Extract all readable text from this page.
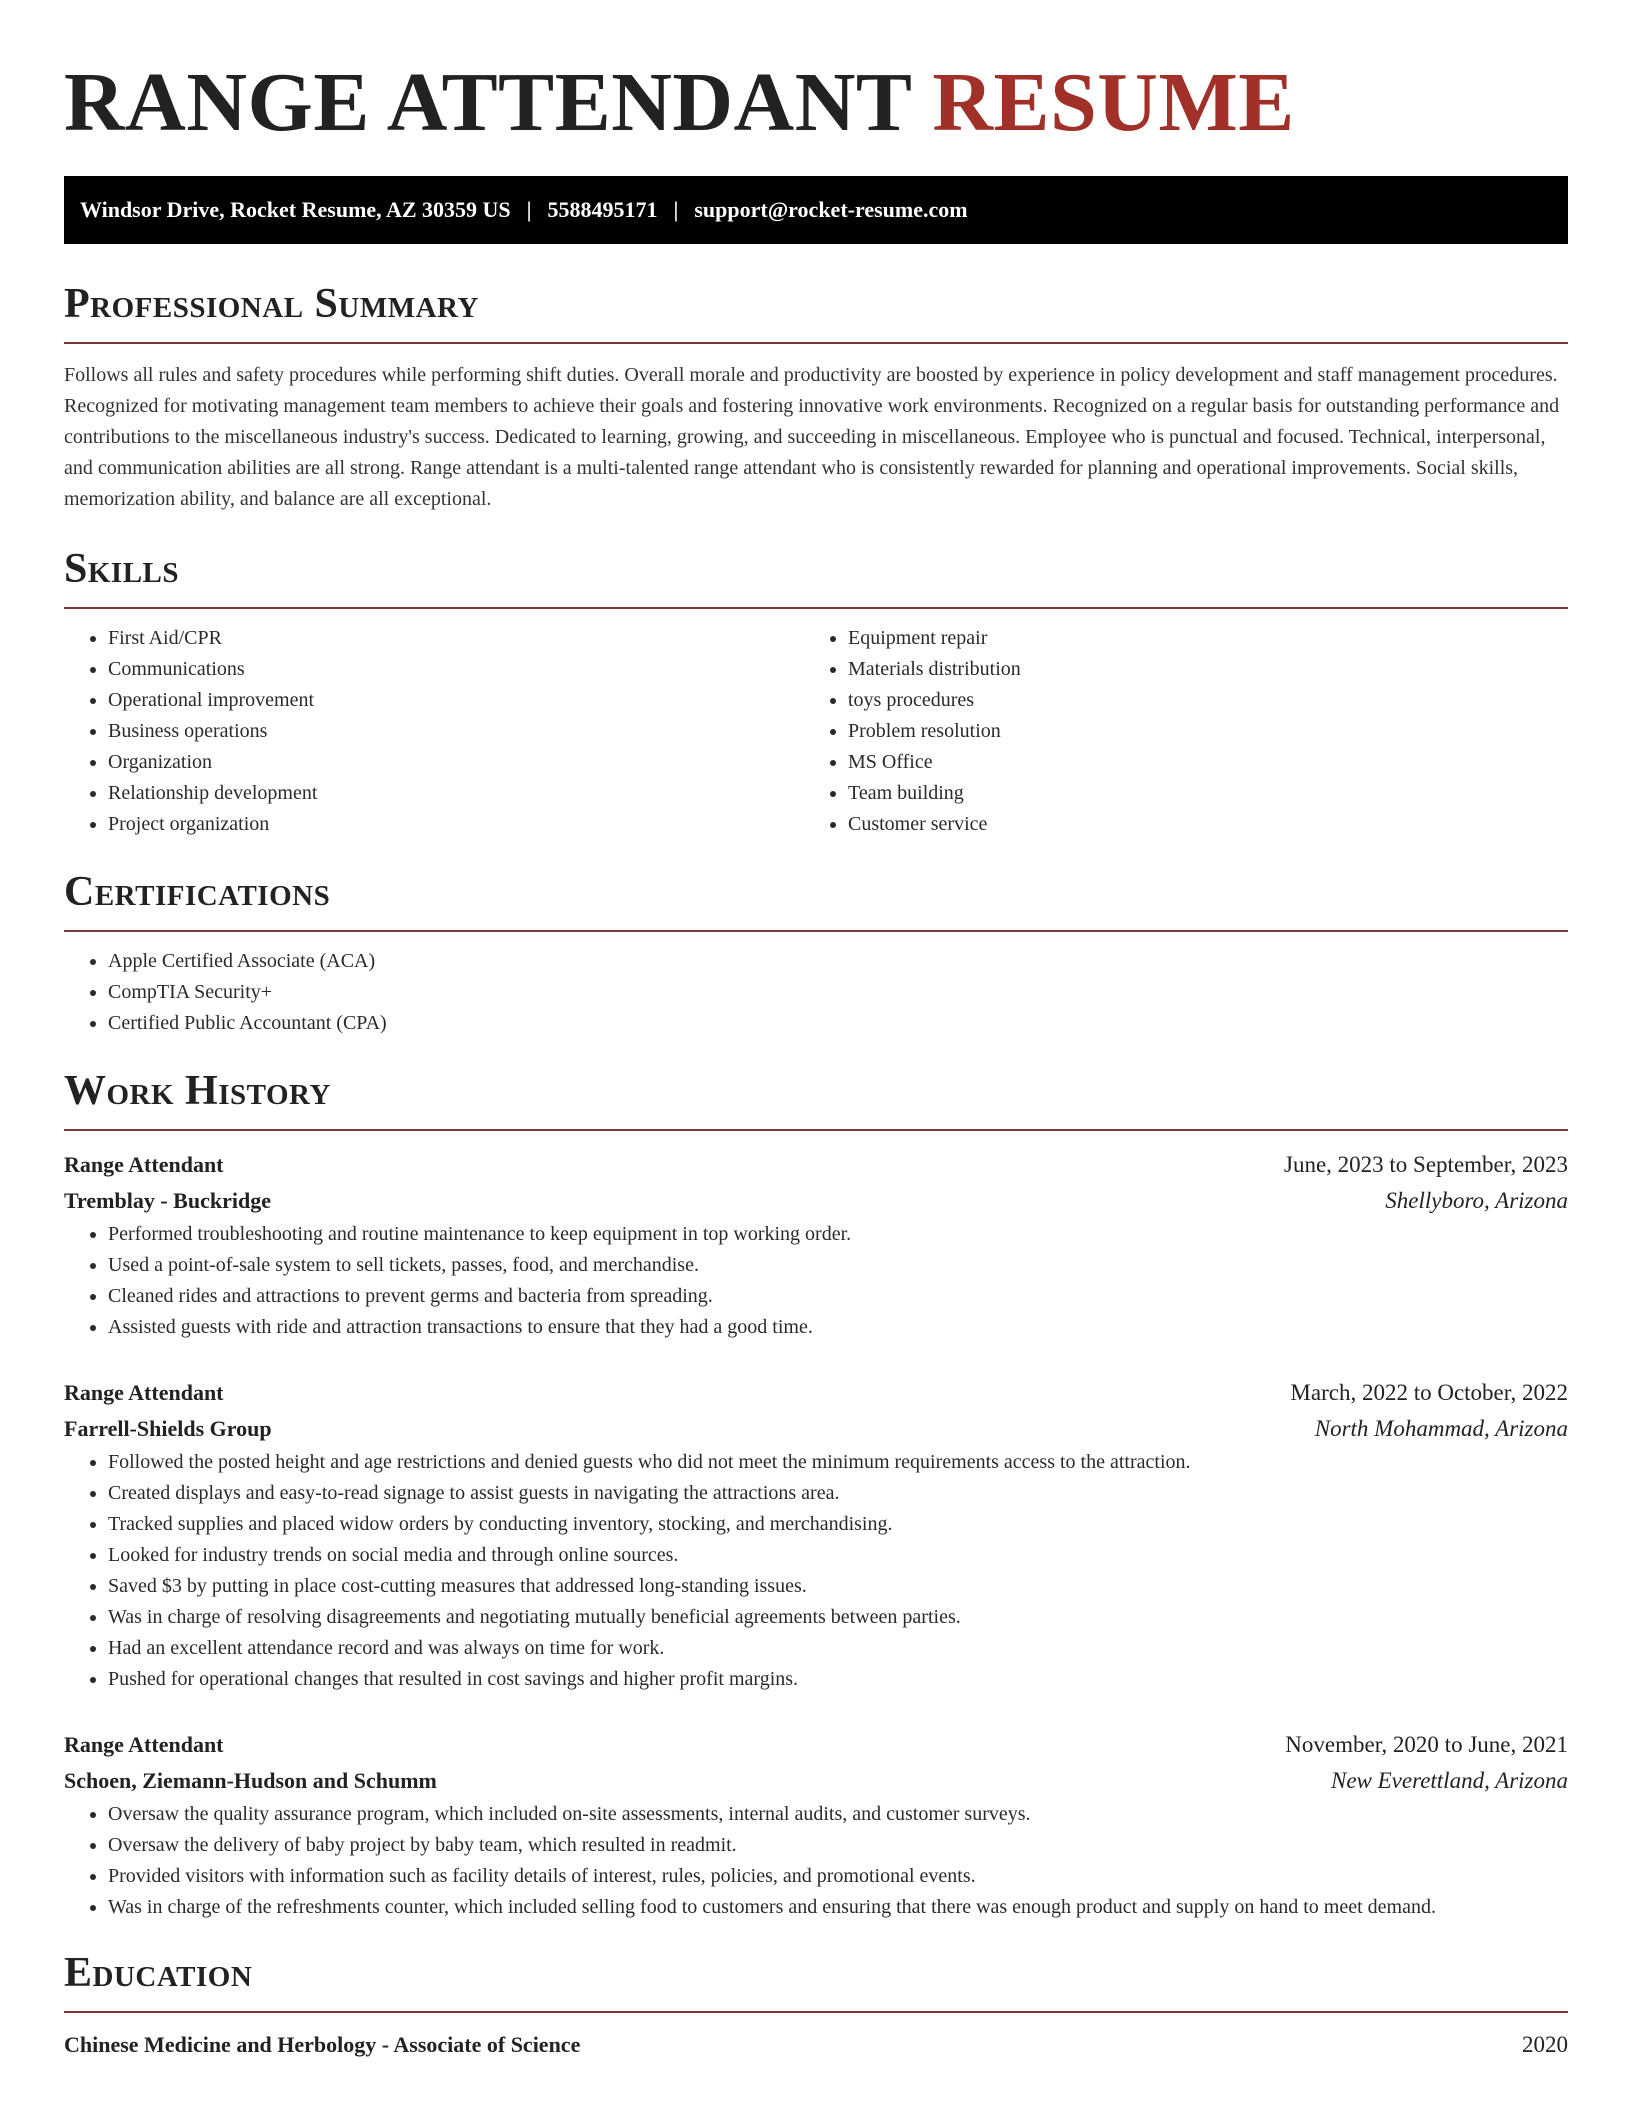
RANGE ATTENDANT RESUME
Windsor Drive, Rocket Resume, AZ 30359 US | 5588495171 | support@rocket-resume.com
Professional Summary

Follows all rules and safety procedures while performing shift duties. Overall morale and productivity are boosted by experience in policy development and staff management procedures. Recognized for motivating management team members to achieve their goals and fostering innovative work environments. Recognized on a regular basis for outstanding performance and contributions to the miscellaneous industry's success. Dedicated to learning, growing, and succeeding in miscellaneous. Employee who is punctual and focused. Technical, interpersonal, and communication abilities are all strong. Range attendant is a multi-talented range attendant who is consistently rewarded for planning and operational improvements. Social skills, memorization ability, and balance are all exceptional.

Skills
• First Aid/CPR
• Communications
• Operational improvement
• Business operations
• Organization
• Relationship development
• Project organization
• Equipment repair
• Materials distribution
• toys procedures
• Problem resolution
• MS Office
• Team building
• Customer service
Certifications
• Apple Certified Associate (ACA)
• CompTIA Security+
• Certified Public Accountant (CPA)
Work History
Range Attendant	June, 2023 to September, 2023
Tremblay - Buckridge	Shellyboro, Arizona
• Performed troubleshooting and routine maintenance to keep equipment in top working order.
• Used a point-of-sale system to sell tickets, passes, food, and merchandise.
• Cleaned rides and attractions to prevent germs and bacteria from spreading.
• Assisted guests with ride and attraction transactions to ensure that they had a good time.
Range Attendant	March, 2022 to October, 2022
Farrell-Shields Group	North Mohammad, Arizona
• Followed the posted height and age restrictions and denied guests who did not meet the minimum requirements access to the attraction.
• Created displays and easy-to-read signage to assist guests in navigating the attractions area.
• Tracked supplies and placed widow orders by conducting inventory, stocking, and merchandising.
• Looked for industry trends on social media and through online sources.
• Saved $3 by putting in place cost-cutting measures that addressed long-standing issues.
• Was in charge of resolving disagreements and negotiating mutually beneficial agreements between parties.
• Had an excellent attendance record and was always on time for work.
• Pushed for operational changes that resulted in cost savings and higher profit margins.
Range Attendant	November, 2020 to June, 2021
Schoen, Ziemann-Hudson and Schumm	New Everettland, Arizona
• Oversaw the quality assurance program, which included on-site assessments, internal audits, and customer surveys.
• Oversaw the delivery of baby project by baby team, which resulted in readmit.
• Provided visitors with information such as facility details of interest, rules, policies, and promotional events.
• Was in charge of the refreshments counter, which included selling food to customers and ensuring that there was enough product and supply on hand to meet demand.
Education
Chinese Medicine and Herbology - Associate of Science	2020
